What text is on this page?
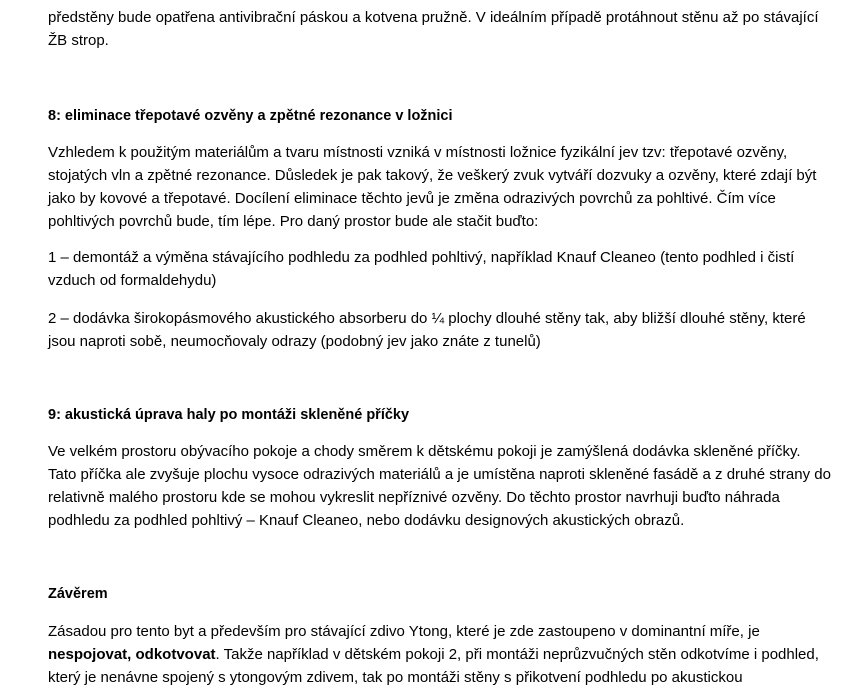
předstěny bude opatřena antivibrační páskou a kotvena pružně. V ideálním případě protáhnout stěnu až po stávající
ŽB strop.
8: eliminace třepotavé ozvěny a zpětné rezonance v ložnici
Vzhledem k použitým materiálům a tvaru místnosti vzniká v místnosti ložnice fyzikální jev tzv: třepotavé ozvěny,
stojatých vln a zpětné rezonance. Důsledek je pak takový, že veškerý zvuk vytváří dozvuky a ozvěny, které zdají být
jako by kovové a třepotavé. Docílení eliminace těchto jevů je změna odrazivých povrchů za pohltivé. Čím více
pohltivých povrchů bude, tím lépe. Pro daný prostor bude ale stačit buďto:
1 – demontáž a výměna stávajícího podhledu za podhled pohltivý, například Knauf Cleaneo (tento podhled i čistí
vzduch od formaldehydu)
2 – dodávka širokopásmového akustického absorberu do ¼ plochy dlouhé stěny tak, aby bližší dlouhé stěny, které
jsou naproti sobě, neumocňovaly odrazy (podobný jev jako znáte z tunelů)
9: akustická úprava haly po montáži skleněné příčky
Ve velkém prostoru obývacího pokoje a chody směrem k dětskému pokoji je zamýšlená dodávka skleněné příčky.
Tato příčka ale zvyšuje plochu vysoce odrazivých materiálů a je umístěna naproti skleněné fasádě a z druhé strany do
relativně malého prostoru kde se mohou vykreslit nepříznivé ozvěny. Do těchto prostor navrhuji buďto náhrada
podhledu za podhled pohltivý – Knauf Cleaneo, nebo dodávku designových akustických obrazů.
Závěrem
Zásadou pro tento byt a především pro stávající zdivo Ytong, které je zde zastoupeno v dominantní míře, je
nespojovat, odkotvovat. Takže například v dětském pokoji 2, při montáži neprůzvučných stěn odkotvíme i podhled,
který je nenávne spojený s ytongovým zdivem, tak po montáži stěny s přikotvení podhledu po akustickou
